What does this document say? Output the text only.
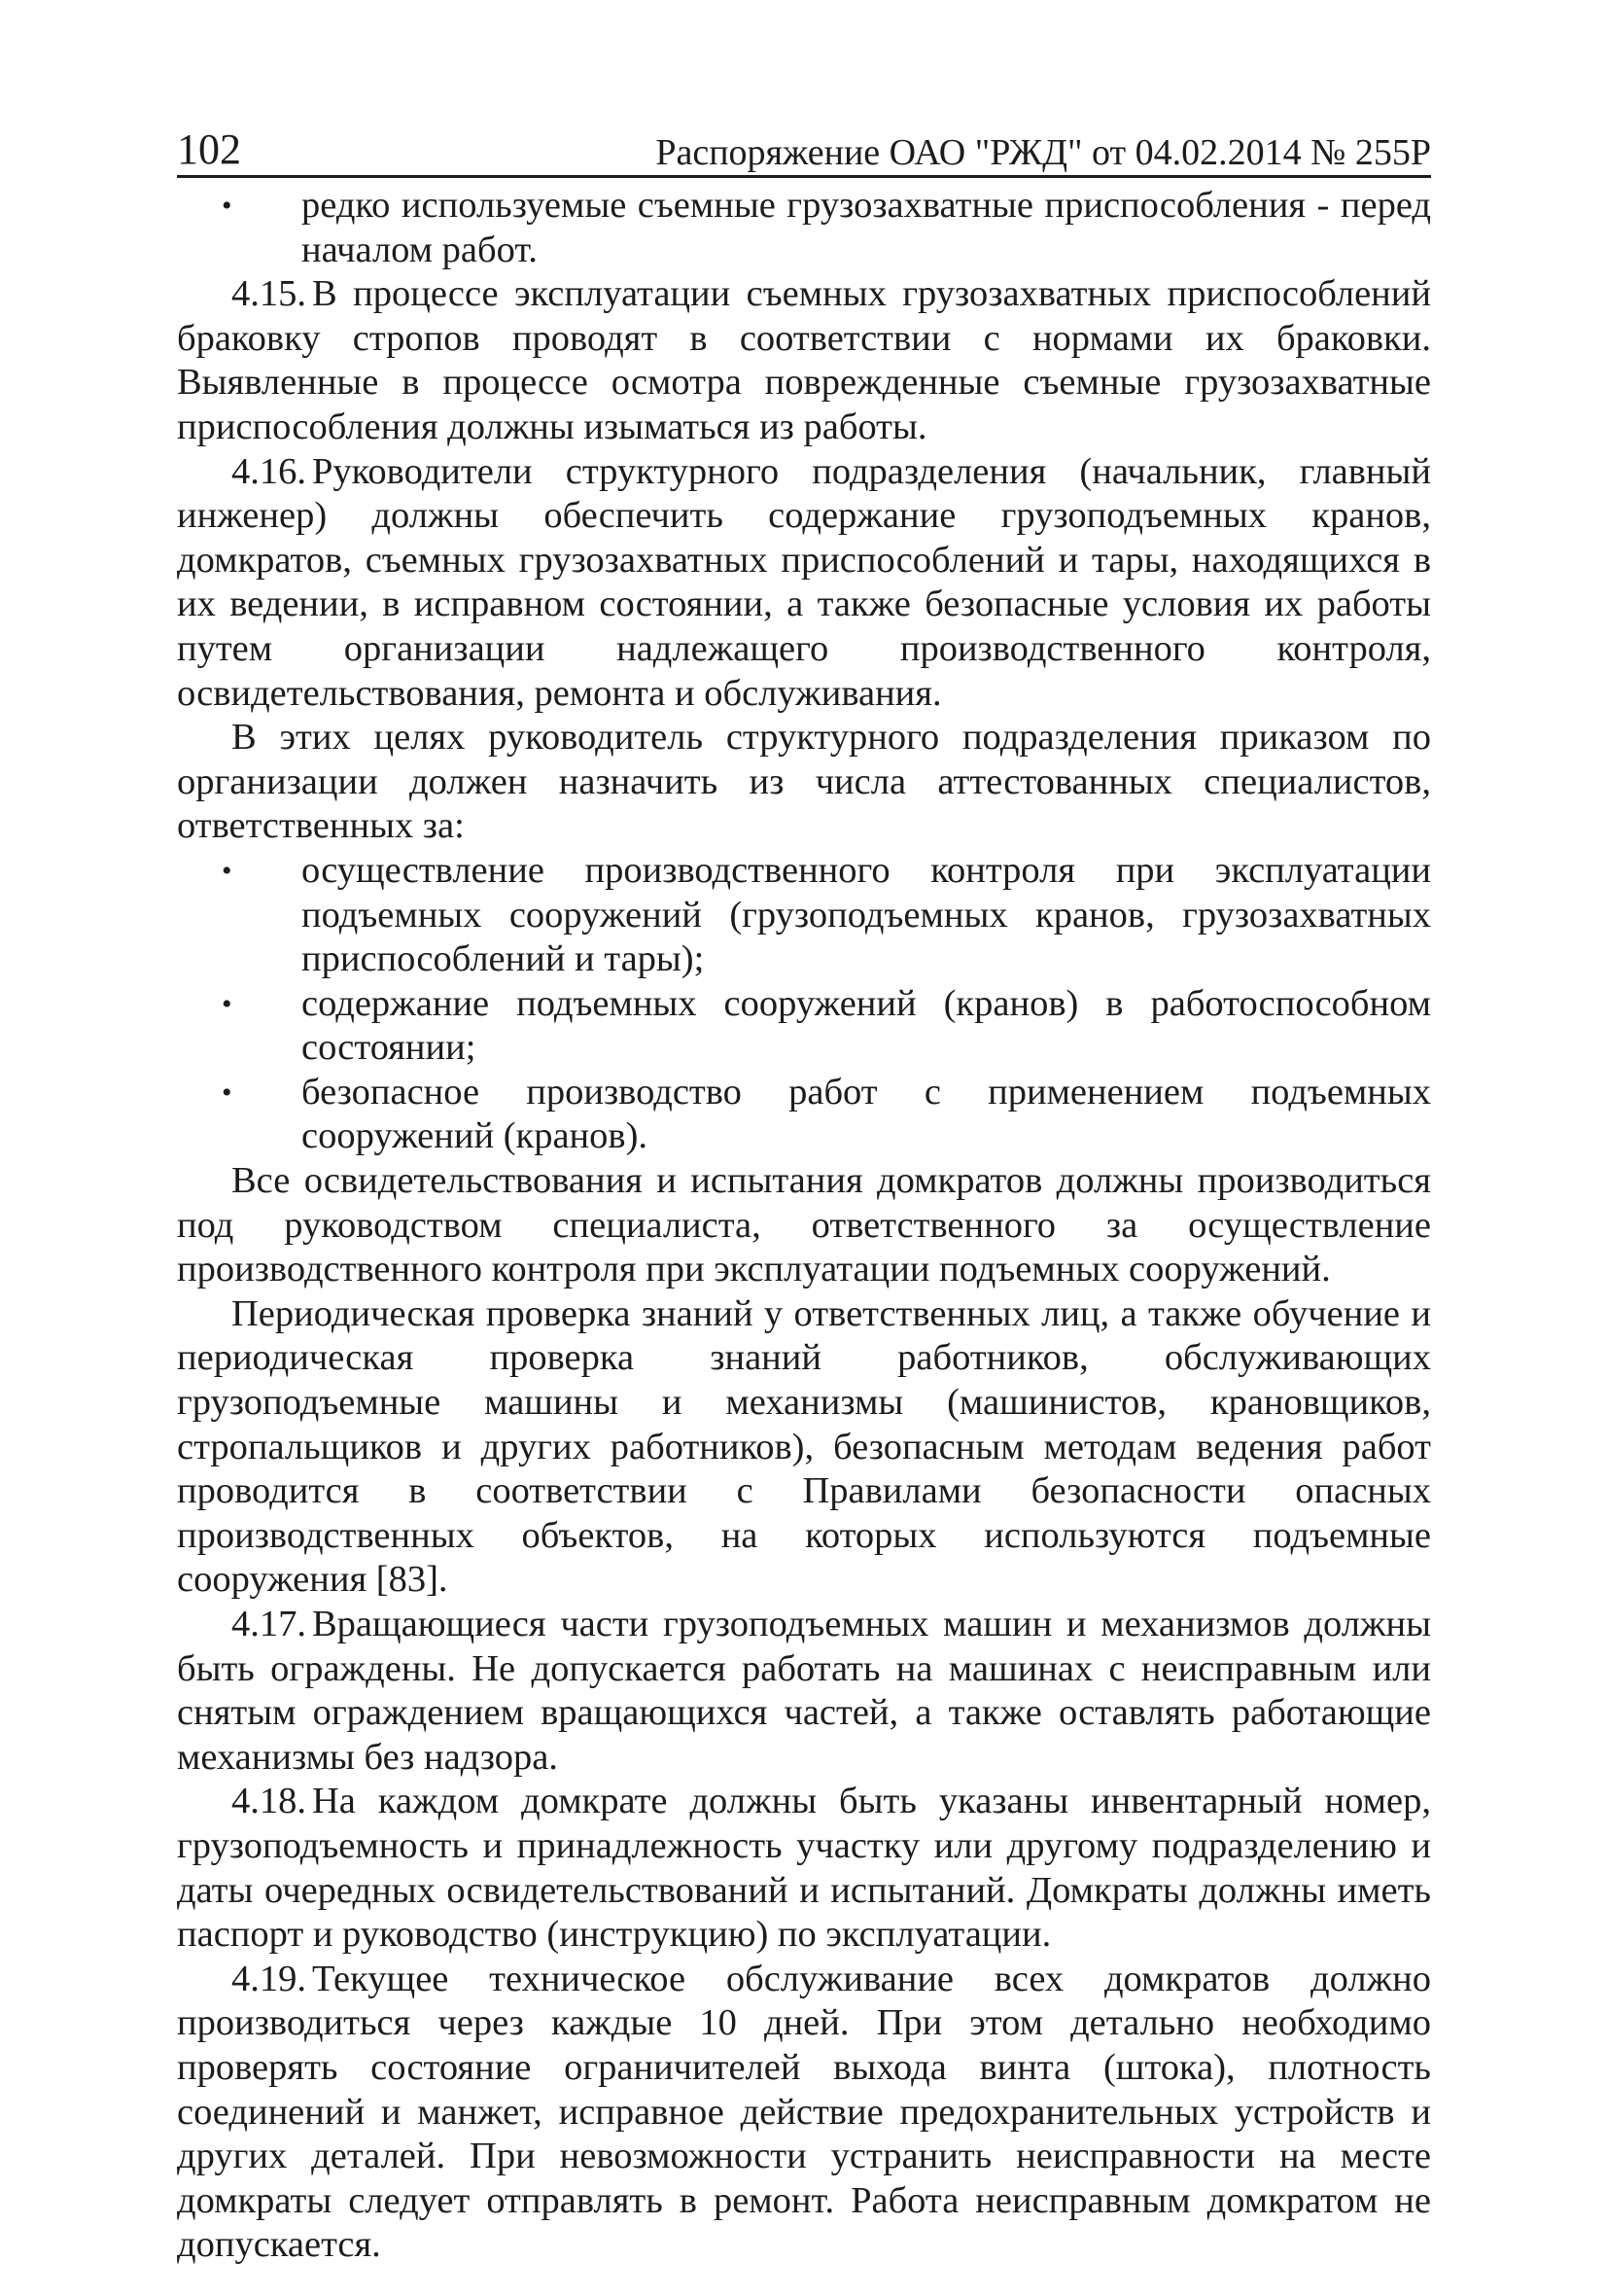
102	Распоряжение ОАО "РЖД" от 04.02.2014 № 255Р
• редко используемые съемные грузозахватные приспособления - перед началом работ.

4.15. В процессе эксплуатации съемных грузозахватных приспособлений браковку стропов проводят в соответствии с нормами их браковки. Выявленные в процессе осмотра поврежденные съемные грузозахватные приспособления должны изыматься из работы.

4.16. Руководители структурного подразделения (начальник, главный инженер) должны обеспечить содержание грузоподъемных кранов, домкратов, съемных грузозахватных приспособлений и тары, находящихся в их ведении, в исправном состоянии, а также безопасные условия их работы путем организации надлежащего производственного контроля, освидетельствования, ремонта и обслуживания.

В этих целях руководитель структурного подразделения приказом по организации должен назначить из числа аттестованных специалистов, ответственных за:

• осуществление производственного контроля при эксплуатации подъемных сооружений (грузоподъемных кранов, грузозахватных приспособлений и тары);
• содержание подъемных сооружений (кранов) в работоспособном состоянии;
• безопасное производство работ с применением подъемных сооружений (кранов).

Все освидетельствования и испытания домкратов должны производиться под руководством специалиста, ответственного за осуществление производственного контроля при эксплуатации подъемных сооружений.

Периодическая проверка знаний у ответственных лиц, а также обучение и периодическая проверка знаний работников, обслуживающих грузоподъемные машины и механизмы (машинистов, крановщиков, стропальщиков и других работников), безопасным методам ведения работ проводится в соответствии с Правилами безопасности опасных производственных объектов, на которых используются подъемные сооружения [83].

4.17. Вращающиеся части грузоподъемных машин и механизмов должны быть ограждены. Не допускается работать на машинах с неисправным или снятым ограждением вращающихся частей, а также оставлять работающие механизмы без надзора.

4.18. На каждом домкрате должны быть указаны инвентарный номер, грузоподъемность и принадлежность участку или другому подразделению и даты очередных освидетельствований и испытаний. Домкраты должны иметь паспорт и руководство (инструкцию) по эксплуатации.

4.19. Текущее техническое обслуживание всех домкратов должно производиться через каждые 10 дней. При этом детально необходимо проверять состояние ограничителей выхода винта (штока), плотность соединений и манжет, исправное действие предохранительных устройств и других деталей. При невозможности устранить неисправности на месте домкраты следует отправлять в ремонт. Работа неисправным домкратом не допускается.
